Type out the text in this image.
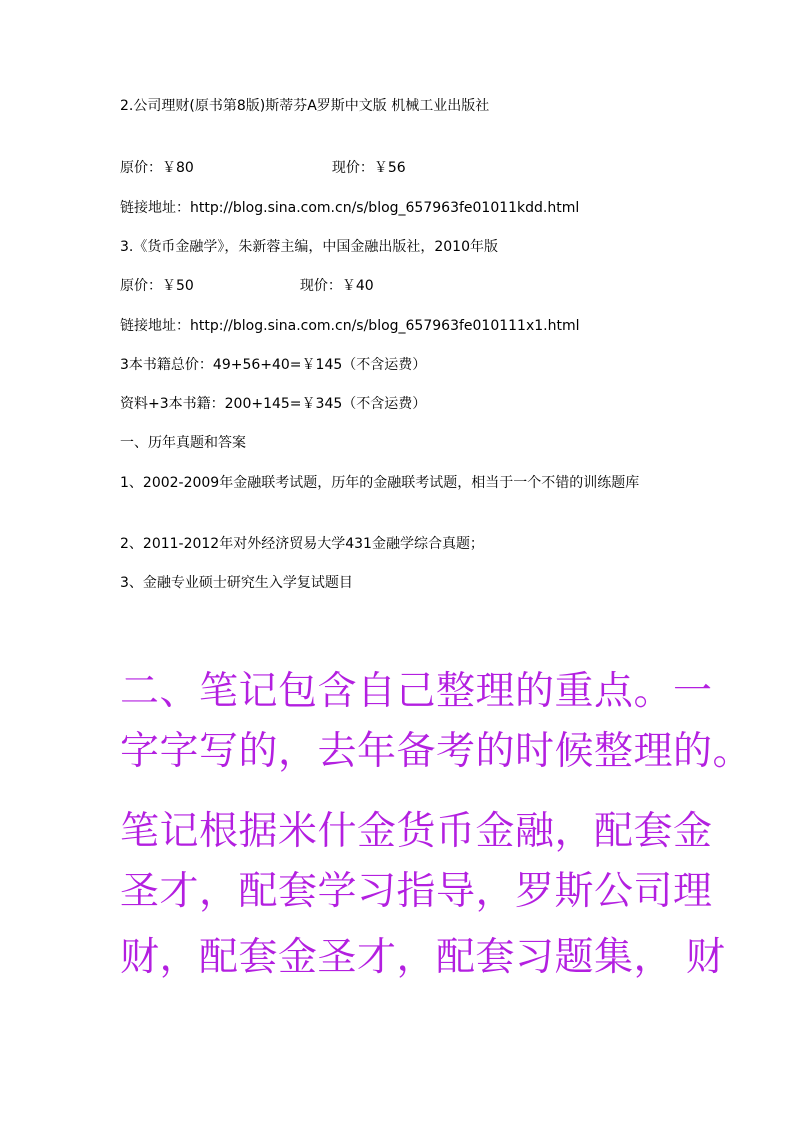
2.公司理财(原书第8版)斯蒂芬A罗斯中文版 机械工业出版社
原价：￥80	现价：￥56
链接地址：http://blog.sina.com.cn/s/blog_657963fe01011kdd.html
3.《货币金融学》，朱新蓉主编，中国金融出版社，2010年版
原价：￥50	现价：￥40
链接地址：http://blog.sina.com.cn/s/blog_657963fe010111x1.html
3本书籍总价：49+56+40=￥145（不含运费）
资料+3本书籍：200+145=￥345（不含运费）
一、历年真题和答案
1、2002-2009年金融联考试题，历年的金融联考试题，相当于一个不错的训练题库
2、2011-2012年对外经济贸易大学431金融学综合真题；
3、金融专业硕士研究生入学复试题目
二、笔记包含自己整理的重点。一
字字写的，去年备考的时候整理的。
笔记根据米什金货币金融，配套金
圣才，配套学习指导，罗斯公司理
财，配套金圣才，配套习题集， 财
